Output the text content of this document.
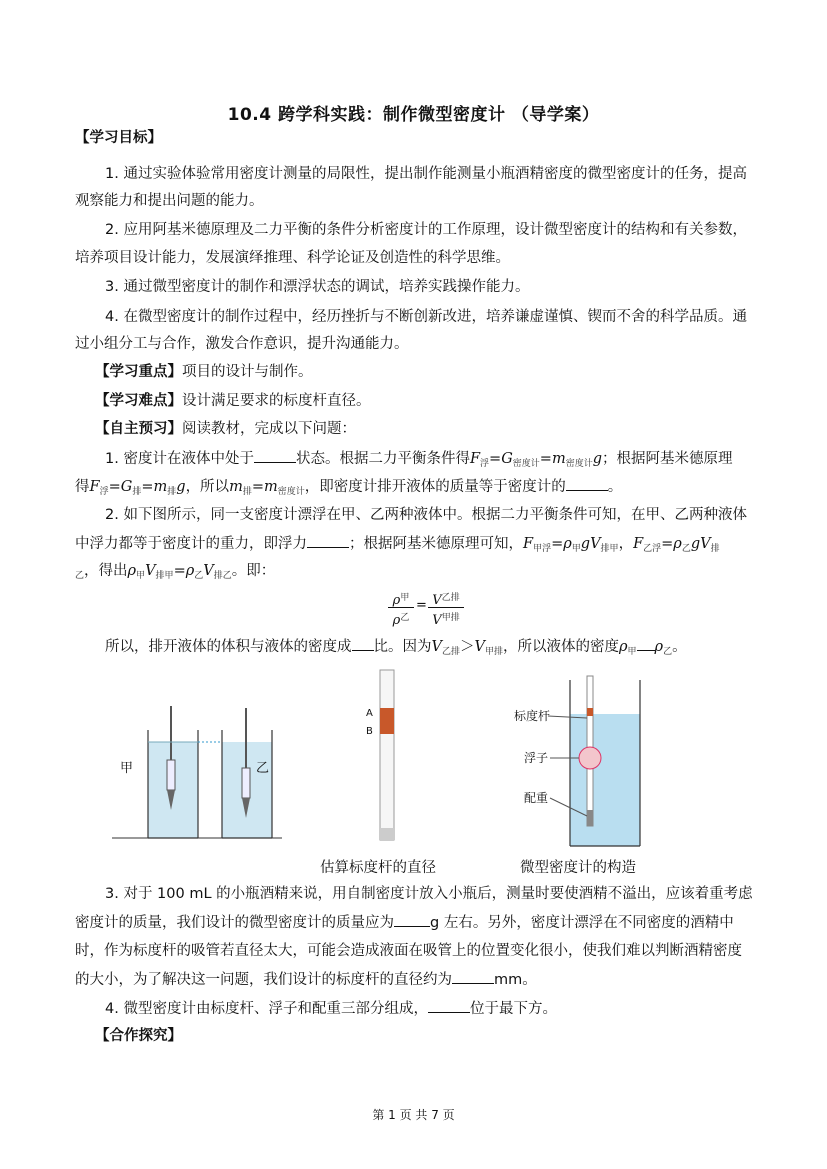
10.4 跨学科实践：制作微型密度计 （导学案）
【学习目标】
1. 通过实验体验常用密度计测量的局限性，提出制作能测量小瓶酒精密度的微型密度计的任务，提高
观察能力和提出问题的能力。
2. 应用阿基米德原理及二力平衡的条件分析密度计的工作原理，设计微型密度计的结构和有关参数，
培养项目设计能力，发展演绎推理、科学论证及创造性的科学思维。
3. 通过微型密度计的制作和漂浮状态的调试，培养实践操作能力。
4. 在微型密度计的制作过程中，经历挫折与不断创新改进，培养谦虚谨慎、锲而不舍的科学品质。通
过小组分工与合作，激发合作意识，提升沟通能力。
【学习重点】项目的设计与制作。
【学习难点】设计满足要求的标度杆直径。
【自主预习】阅读教材，完成以下问题：
1. 密度计在液体中处于	状态。根据二力平衡条件得$F_浮=G_{密度计}=m_{密度计}g$；根据阿基米德原理
得$F_浮=G_排=m_排g$，所以$m_排=m_{密度计}$，即密度计排开液体的质量等于密度计的	。
2. 如下图所示，同一支密度计漂浮在甲、乙两种液体中。根据二力平衡条件可知，在甲、乙两种液体
中浮力都等于密度计的重力，即浮力	；根据阿基米德原理可知，$F_{甲浮}=\rho_甲gV_{排甲}$，$F_{乙浮}=\rho_乙gV_排$
$_乙$，得出$\rho_甲V_{排甲}=\rho_乙V_{排乙}$。即：
$\rho^甲$
$\rho^乙$
= $V^{乙排}$
$V^{甲排}$
所以，排开液体的体积与液体的密度成 比。因为$V_{乙排}>V_{甲排}$，所以液体的密度$\rho_甲$ $\rho_乙$。
甲	乙
A
B
估算标度杆的直径
标度杆
浮子
配重
微型密度计的构造
3. 对于 100 mL 的小瓶酒精来说，用自制密度计放入小瓶后，测量时要使酒精不溢出，应该着重考虑
密度计的质量，我们设计的微型密度计的质量应为 g 左右。另外，密度计漂浮在不同密度的酒精中
时，作为标度杆的吸管若直径太大，可能会造成液面在吸管上的位置变化很小，使我们难以判断酒精密度
的大小，为了解决这一问题，我们设计的标度杆的直径约为	mm。
4. 微型密度计由标度杆、浮子和配重三部分组成，	位于最下方。
【合作探究】
第 1 页 共 7 页
